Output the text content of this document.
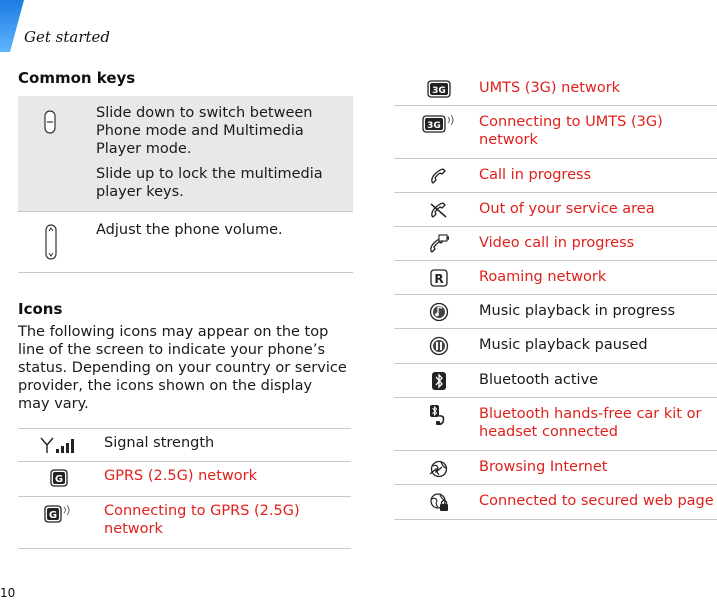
Get started
Common keys
Slide down to switch between Phone mode and Multimedia Player mode.
Slide up to lock the multimedia player keys.
Adjust the phone volume.
Icons
The following icons may appear on the top line of the screen to indicate your phone’s status. Depending on your country or service provider, the icons shown on the display may vary.
Signal strength
G	GPRS (2.5G) network
G	Connecting to GPRS (2.5G) network
3G UMTS (3G) network
3G	Connecting to UMTS (3G) network
Call in progress
Out of your service area
Video call in progress
R Roaming network
Music playback in progress
Music playback paused
Bluetooth active
Bluetooth hands-free car kit or headset connected
Browsing Internet
Connected to secured web page
10
